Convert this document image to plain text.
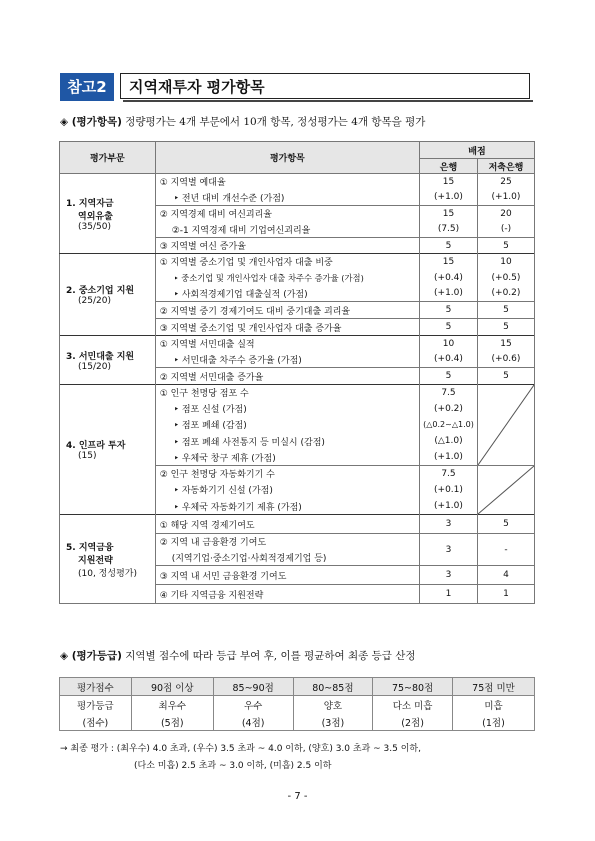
참고2	지역재투자 평가항목
◈ (평가항목) 정량평가는 4개 부문에서 10개 항목, 정성평가는 4개 항목을 평가
평가부문	평가항목	배점	
		은행	저축은행

1. 지역자금
역외유출
(35/50)	① 지역별 예대율	15	25
	‣ 전년 대비 개선수준 (가점)	(+1.0)	(+1.0)
	② 지역경제 대비 여신괴리율	15	20
	②-1 지역경제 대비 기업여신괴리율	(7.5)	(-)
	③ 지역별 여신 증가율	5	5

2. 중소기업 지원
(25/20)	① 지역별 중소기업 및 개인사업자 대출 비중	15	10
	‣ 중소기업 및 개인사업자 대출 차주수 증가율 (가점)	(+0.4)	(+0.5)
	‣ 사회적경제기업 대출실적 (가점)	(+1.0)	(+0.2)
	② 지역별 중기 경제기여도 대비 중기대출 괴리율	5	5
	③ 지역별 중소기업 및 개인사업자 대출 증가율	5	5

3. 서민대출 지원
(15/20)	① 지역별 서민대출 실적	10	15
	‣ 서민대출 차주수 증가율 (가점)	(+0.4)	(+0.6)
	② 지역별 서민대출 증가율	5	5

4. 인프라 투자
(15)	① 인구 천명당 점포 수	7.5	

	‣ 점포 신설 (가점)	(+0.2)	
	‣ 점포 폐쇄 (감점)	(△0.2~△1.0)	
	‣ 점포 폐쇄 사전통지 등 미실시 (감점)	(△1.0)	
	‣ 우체국 창구 제휴 (가점)	(+1.0)	
	② 인구 천명당 자동화기기 수	7.5	

	‣ 자동화기기 신설 (가점)	(+0.1)	
	‣ 우체국 자동화기기 제휴 (가점)	(+1.0)	

5. 지역금융
지원전략
(10, 정성평가)	① 해당 지역 경제기여도	3	5
	② 지역 내 금융환경 기여도	3	-
	(지역기업·중소기업·사회적경제기업 등)		
	③ 지역 내 서민 금융환경 기여도	3	4
	④ 기타 지역금융 지원전략	1	1
◈ (평가등급) 지역별 점수에 따라 등급 부여 후, 이를 평균하여 최종 등급 산정
평가점수	90점 이상	85~90점	80~85점	75~80점	75점 미만
평가등급	최우수	우수	양호	다소 미흡	미흡
(점수)	(5점)	(4점)	(3점)	(2점)	(1점)
→ 최종 평가 : (최우수) 4.0 초과, (우수) 3.5 초과 ~ 4.0 이하, (양호) 3.0 초과 ~ 3.5 이하,
(다소 미흡) 2.5 초과 ~ 3.0 이하, (미흡) 2.5 이하
- 7 -
